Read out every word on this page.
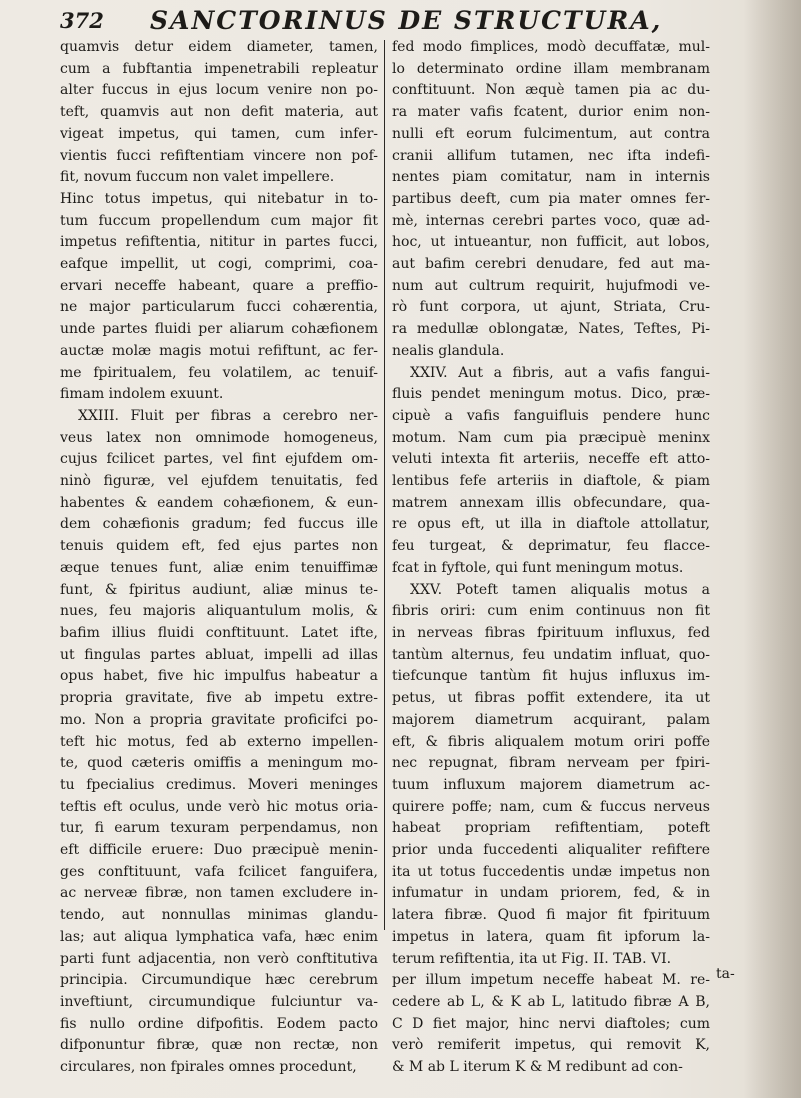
372 SANCTORINUS DE STRUCTURA,
quamvis detur eidem diameter, tamen,
cum a fubftantia impenetrabili repleatur
alter fuccus in ejus locum venire non po-
teft, quamvis aut non defit materia, aut
vigeat impetus, qui tamen, cum infer-
vientis fucci refiftentiam vincere non pof-
fit, novum fuccum non valet impellere.
Hinc totus impetus, qui nitebatur in to-
tum fuccum propellendum cum major fit
impetus refiftentia, nititur in partes fucci,
eafque impellit, ut cogi, comprimi, coa-
ervari neceffe habeant, quare a preffio-
ne major particularum fucci cohærentia,
unde partes fluidi per aliarum cohæfionem
auctæ molæ magis motui refiftunt, ac fer-
me fpiritualem, feu volatilem, ac tenuif-
fimam indolem exuunt.
XXIII. Fluit per fibras a cerebro ner-
veus latex non omnimode homogeneus,
cujus fcilicet partes, vel fint ejufdem om-
ninò figuræ, vel ejufdem tenuitatis, fed
habentes & eandem cohæfionem, & eun-
dem cohæfionis gradum; fed fuccus ille
tenuis quidem eft, fed ejus partes non
æque tenues funt, aliæ enim tenuiffimæ
funt, & fpiritus audiunt, aliæ minus te-
nues, feu majoris aliquantulum molis, &
bafim illius fluidi conftituunt. Latet ifte,
ut fingulas partes abluat, impelli ad illas
opus habet, five hic impulfus habeatur a
propria gravitate, five ab impetu extre-
mo. Non a propria gravitate proficifci po-
teft hic motus, fed ab externo impellen-
te, quod cæteris omiffis a meningum mo-
tu fpecialius credimus. Moveri meninges
teftis eft oculus, unde verò hic motus oria-
tur, fi earum texuram perpendamus, non
eft difficile eruere: Duo præcipuè menin-
ges conftituunt, vafa fcilicet fanguifera,
ac nerveæ fibræ, non tamen excludere in-
tendo, aut nonnullas minimas glandu-
las; aut aliqua lymphatica vafa, hæc enim
parti funt adjacentia, non verò conftitutiva
principia. Circumundique hæc cerebrum
inveftiunt, circumundique fulciuntur va-
fis nullo ordine difpofitis. Eodem pacto
difponuntur fibræ, quæ non rectæ, non
circulares, non fpirales omnes procedunt,
fed modo fimplices, modò decuffatæ, mul-
lo determinato ordine illam membranam
conftituunt. Non æquè tamen pia ac du-
ra mater vafis fcatent, durior enim non-
nulli eft eorum fulcimentum, aut contra
cranii allifum tutamen, nec ifta indefi-
nentes piam comitatur, nam in internis
partibus deeft, cum pia mater omnes fer-
mè, internas cerebri partes voco, quæ ad-
hoc, ut intueantur, non fufficit, aut lobos,
aut bafim cerebri denudare, fed aut ma-
num aut cultrum requirit, hujufmodi ve-
rò funt corpora, ut ajunt, Striata, Cru-
ra medullæ oblongatæ, Nates, Teftes, Pi-
nealis glandula.
XXIV. Aut a fibris, aut a vafis fangui-
fluis pendet meningum motus. Dico, præ-
cipuè a vafis fanguifluis pendere hunc
motum. Nam cum pia præcipuè meninx
veluti intexta fit arteriis, neceffe eft atto-
lentibus fefe arteriis in diaftole, & piam
matrem annexam illis obfecundare, qua-
re opus eft, ut illa in diaftole attollatur,
feu turgeat, & deprimatur, feu flacce-
fcat in fyftole, qui funt meningum motus.
XXV. Poteft tamen aliqualis motus a
fibris oriri: cum enim continuus non fit
in nerveas fibras fpirituum influxus, fed
tantùm alternus, feu undatim influat, quo-
tiefcunque tantùm fit hujus influxus im-
petus, ut fibras poffit extendere, ita ut
majorem diametrum acquirant, palam
eft, & fibris aliqualem motum oriri poffe
nec repugnat, fibram nerveam per fpiri-
tuum influxum majorem diametrum ac-
quirere poffe; nam, cum & fuccus nerveus
habeat propriam refiftentiam, poteft
prior unda fuccedenti aliqualiter refiftere
ita ut totus fuccedentis undæ impetus non
infumatur in undam priorem, fed, & in
latera fibræ. Quod fi major fit fpirituum
impetus in latera, quam fit ipforum la-
terum refiftentia, ita ut Fig. II. TAB. VI.
per illum impetum neceffe habeat M. re-
cedere ab L, & K ab L, latitudo fibræ A B,
C D fiet major, hinc nervi diaftoles; cum
verò remiferit impetus, qui removit K,
& M ab L iterum K & M redibunt ad con-
ta-
